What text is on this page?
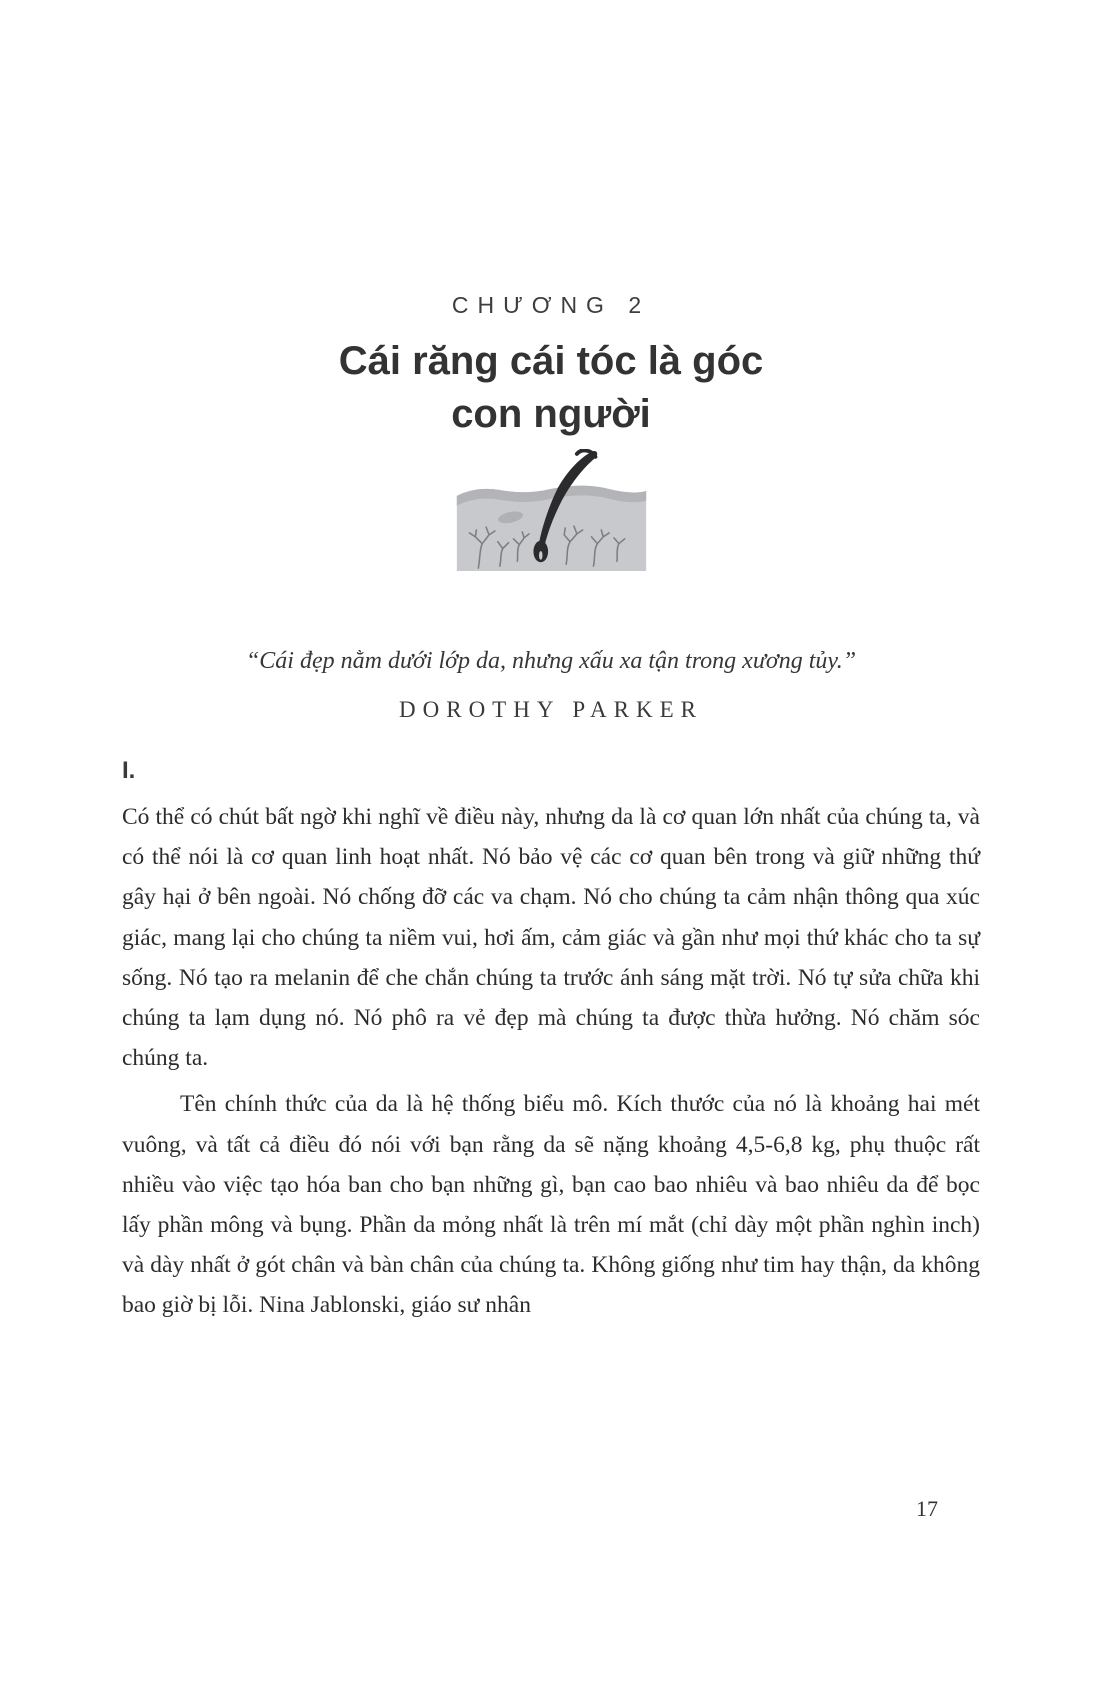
CHƯƠNG 2
Cái răng cái tóc là góc
con người
“Cái đẹp nằm dưới lớp da, nhưng xấu xa tận trong xương tủy.”
DOROTHY PARKER
I.

Có thể có chút bất ngờ khi nghĩ về điều này, nhưng da là cơ quan lớn nhất của chúng ta, và có thể nói là cơ quan linh hoạt nhất. Nó bảo vệ các cơ quan bên trong và giữ những thứ gây hại ở bên ngoài. Nó chống đỡ các va chạm. Nó cho chúng ta cảm nhận thông qua xúc giác, mang lại cho chúng ta niềm vui, hơi ấm, cảm giác và gần như mọi thứ khác cho ta sự sống. Nó tạo ra melanin để che chắn chúng ta trước ánh sáng mặt trời. Nó tự sửa chữa khi chúng ta lạm dụng nó. Nó phô ra vẻ đẹp mà chúng ta được thừa hưởng. Nó chăm sóc chúng ta.

Tên chính thức của da là hệ thống biểu mô. Kích thước của nó là khoảng hai mét vuông, và tất cả điều đó nói với bạn rằng da sẽ nặng khoảng 4,5-6,8 kg, phụ thuộc rất nhiều vào việc tạo hóa ban cho bạn những gì, bạn cao bao nhiêu và bao nhiêu da để bọc lấy phần mông và bụng. Phần da mỏng nhất là trên mí mắt (chỉ dày một phần nghìn inch) và dày nhất ở gót chân và bàn chân của chúng ta. Không giống như tim hay thận, da không bao giờ bị lỗi. Nina Jablonski, giáo sư nhân

17
